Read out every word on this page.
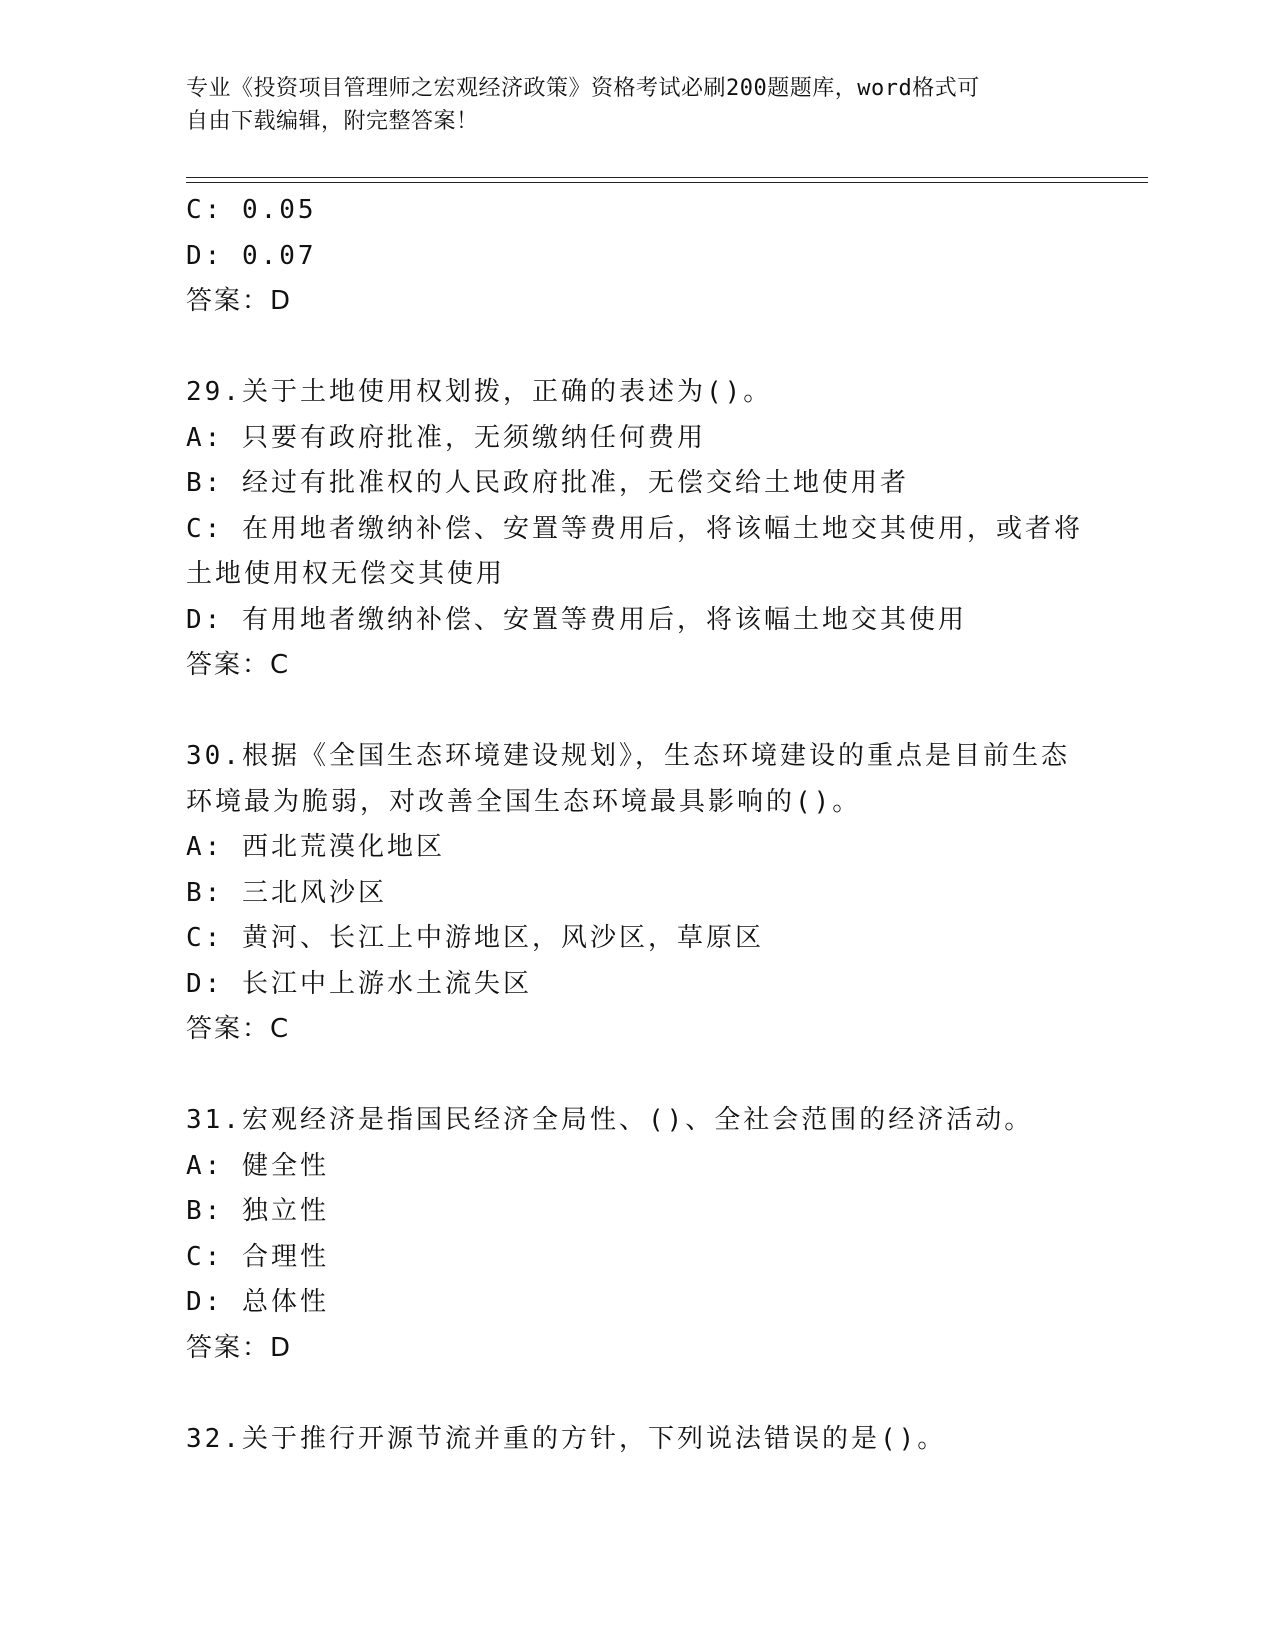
专业《投资项目管理师之宏观经济政策》资格考试必刷200题题库，word格式可
自由下载编辑，附完整答案！
C: 0.05
D: 0.07
答案：D
29.关于土地使用权划拨，正确的表述为()。
A: 只要有政府批准，无须缴纳任何费用
B: 经过有批准权的人民政府批准，无偿交给土地使用者
C: 在用地者缴纳补偿、安置等费用后，将该幅土地交其使用，或者将
土地使用权无偿交其使用
D: 有用地者缴纳补偿、安置等费用后，将该幅土地交其使用
答案：C
30.根据《全国生态环境建设规划》，生态环境建设的重点是目前生态
环境最为脆弱，对改善全国生态环境最具影响的()。
A: 西北荒漠化地区
B: 三北风沙区
C: 黄河、长江上中游地区，风沙区，草原区
D: 长江中上游水土流失区
答案：C
31.宏观经济是指国民经济全局性、()、全社会范围的经济活动。
A: 健全性
B: 独立性
C: 合理性
D: 总体性
答案：D
32.关于推行开源节流并重的方针，下列说法错误的是()。
